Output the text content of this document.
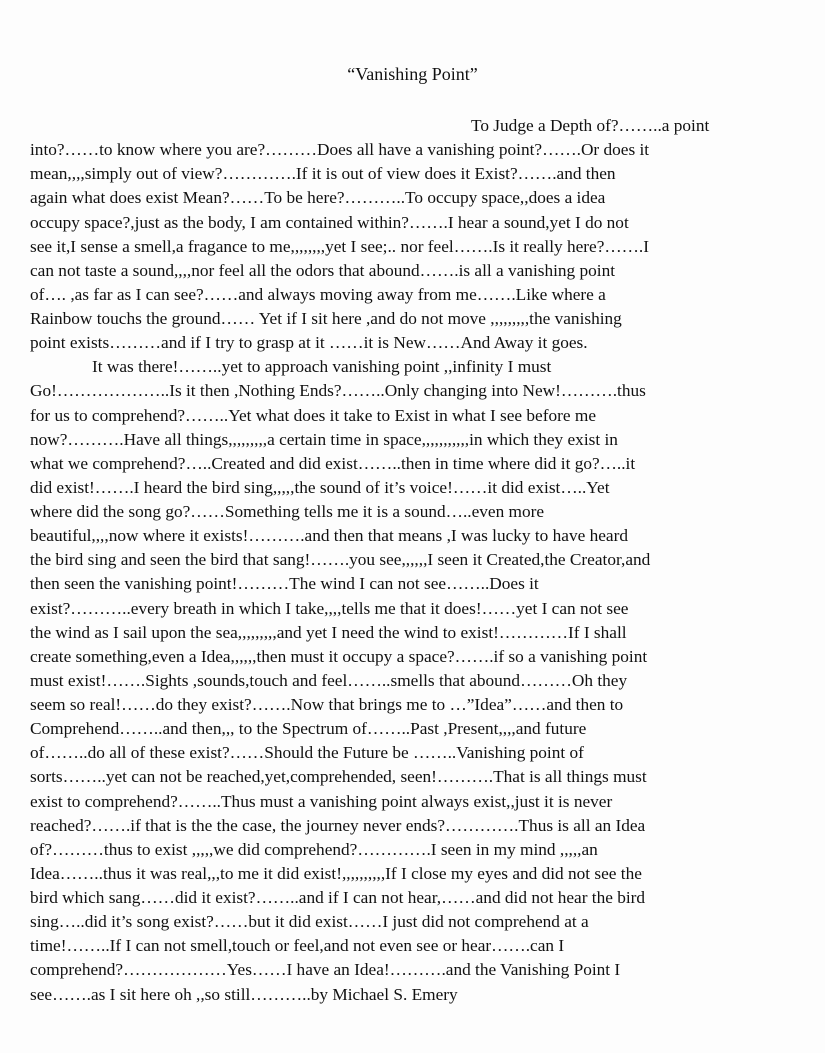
“Vanishing Point”
To Judge a Depth of?……..a point
into?……to know where you are?………Does all have a vanishing point?…….Or does it
mean,,,,simply out of view?………….If it is out of view does it Exist?…….and then
again what does exist Mean?……To be here?………..To occupy space,,does a idea
occupy space?,just as the body, I am contained within?…….I hear a sound,yet I do not
see it,I sense a smell,a fragance to me,,,,,,,,yet I see;.. nor feel…….Is it really here?…….I
can not taste a sound,,,,nor feel all the odors that abound…….is all a vanishing point
of…. ,as far as I can see?……and always moving away from me…….Like where a
Rainbow touchs the ground…… Yet if I sit here ,and do not move ,,,,,,,,,the vanishing
point exists………and if I try to grasp at it ……it is New……And Away it goes.
It was there!……..yet to approach vanishing point ,,infinity I must
Go!………………..Is it then ,Nothing Ends?……..Only changing into New!……….thus
for us to comprehend?……..Yet what does it take to Exist in what I see before me
now?……….Have all things,,,,,,,,,a certain time in space,,,,,,,,,,,in which they exist in
what we comprehend?…..Created and did exist……..then in time where did it go?…..it
did exist!…….I heard the bird sing,,,,,the sound of it’s voice!……it did exist…..Yet
where did the song go?……Something tells me it is a sound…..even more
beautiful,,,,now where it exists!……….and then that means ,I was lucky to have heard
the bird sing and seen the bird that sang!…….you see,,,,,,I seen it Created,the Creator,and
then seen the vanishing point!………The wind I can not see……..Does it
exist?………..every breath in which I take,,,,tells me that it does!……yet I can not see
the wind as I sail upon the sea,,,,,,,,,and yet I need the wind to exist!…………If I shall
create something,even a Idea,,,,,,then must it occupy a space?…….if so a vanishing point
must exist!…….Sights ,sounds,touch and feel……..smells that abound………Oh they
seem so real!……do they exist?…….Now that brings me to …”Idea”……and then to
Comprehend……..and then,,, to the Spectrum of……..Past ,Present,,,,and future
of……..do all of these exist?……Should the Future be ……..Vanishing point of
sorts……..yet can not be reached,yet,comprehended, seen!……….That is all things must
exist to comprehend?……..Thus must a vanishing point always exist,,just it is never
reached?…….if that is the the case, the journey never ends?………….Thus is all an Idea
of?………thus to exist ,,,,,we did comprehend?………….I seen in my mind ,,,,,an
Idea……..thus it was real,,,to me it did exist!,,,,,,,,,,If I close my eyes and did not see the
bird which sang……did it exist?……..and if I can not hear,……and did not hear the bird
sing…..did it’s song exist?……but it did exist……I just did not comprehend at a
time!……..If I can not smell,touch or feel,and not even see or hear…….can I
comprehend?………………Yes……I have an Idea!……….and the Vanishing Point I
see…….as I sit here oh ,,so still………..by Michael S. Emery
